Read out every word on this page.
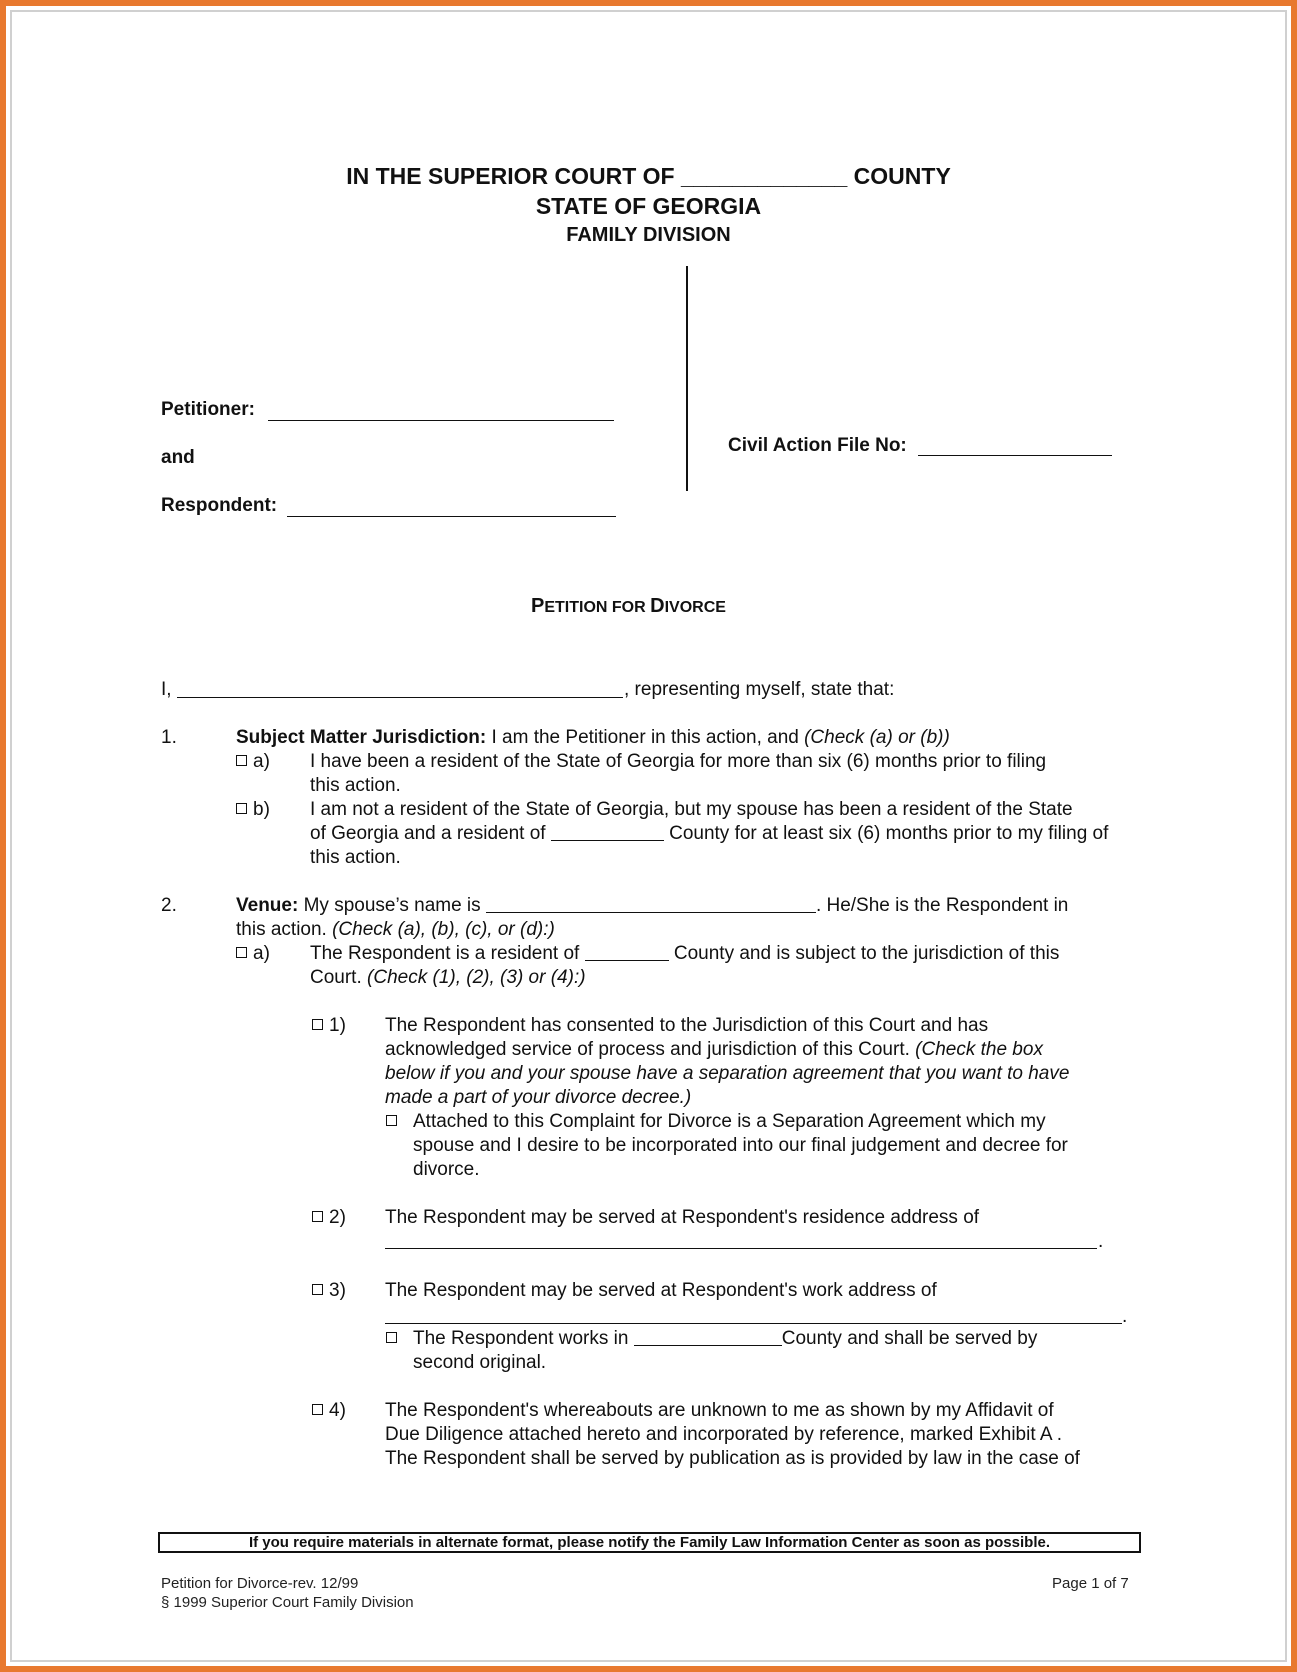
IN THE SUPERIOR COURT OF _____________ COUNTY
STATE OF GEORGIA
FAMILY DIVISION
Petitioner:
and
Respondent:
Civil Action File No:
PETITION FOR DIVORCE
I,	, representing myself, state that:
1.	Subject Matter Jurisdiction: I am the Petitioner in this action, and (Check (a) or (b))
a) I have been a resident of the State of Georgia for more than six (6) months prior to filing
this action.
b) I am not a resident of the State of Georgia, but my spouse has been a resident of the State
of Georgia and a resident of	County for at least six (6) months prior to my filing of
this action.
2.	Venue: My spouse’s name is	. He/She is the Respondent in
this action. (Check (a), (b), (c), or (d):)
a) The Respondent is a resident of	County and is subject to the jurisdiction of this
Court. (Check (1), (2), (3) or (4):)
1) The Respondent has consented to the Jurisdiction of this Court and has
acknowledged service of process and jurisdiction of this Court. (Check the box
below if you and your spouse have a separation agreement that you want to have
made a part of your divorce decree.)
Attached to this Complaint for Divorce is a Separation Agreement which my
spouse and I desire to be incorporated into our final judgement and decree for
divorce.
2) The Respondent may be served at Respondent's residence address of
.
3) The Respondent may be served at Respondent's work address of
.
The Respondent works in	County and shall be served by
second original.
4) The Respondent's whereabouts are unknown to me as shown by my Affidavit of
Due Diligence attached hereto and incorporated by reference, marked Exhibit A .
The Respondent shall be served by publication as is provided by law in the case of
If you require materials in alternate format, please notify the Family Law Information Center as soon as possible.
Petition for Divorce-rev. 12/99
§ 1999 Superior Court Family Division
Page 1 of 7
